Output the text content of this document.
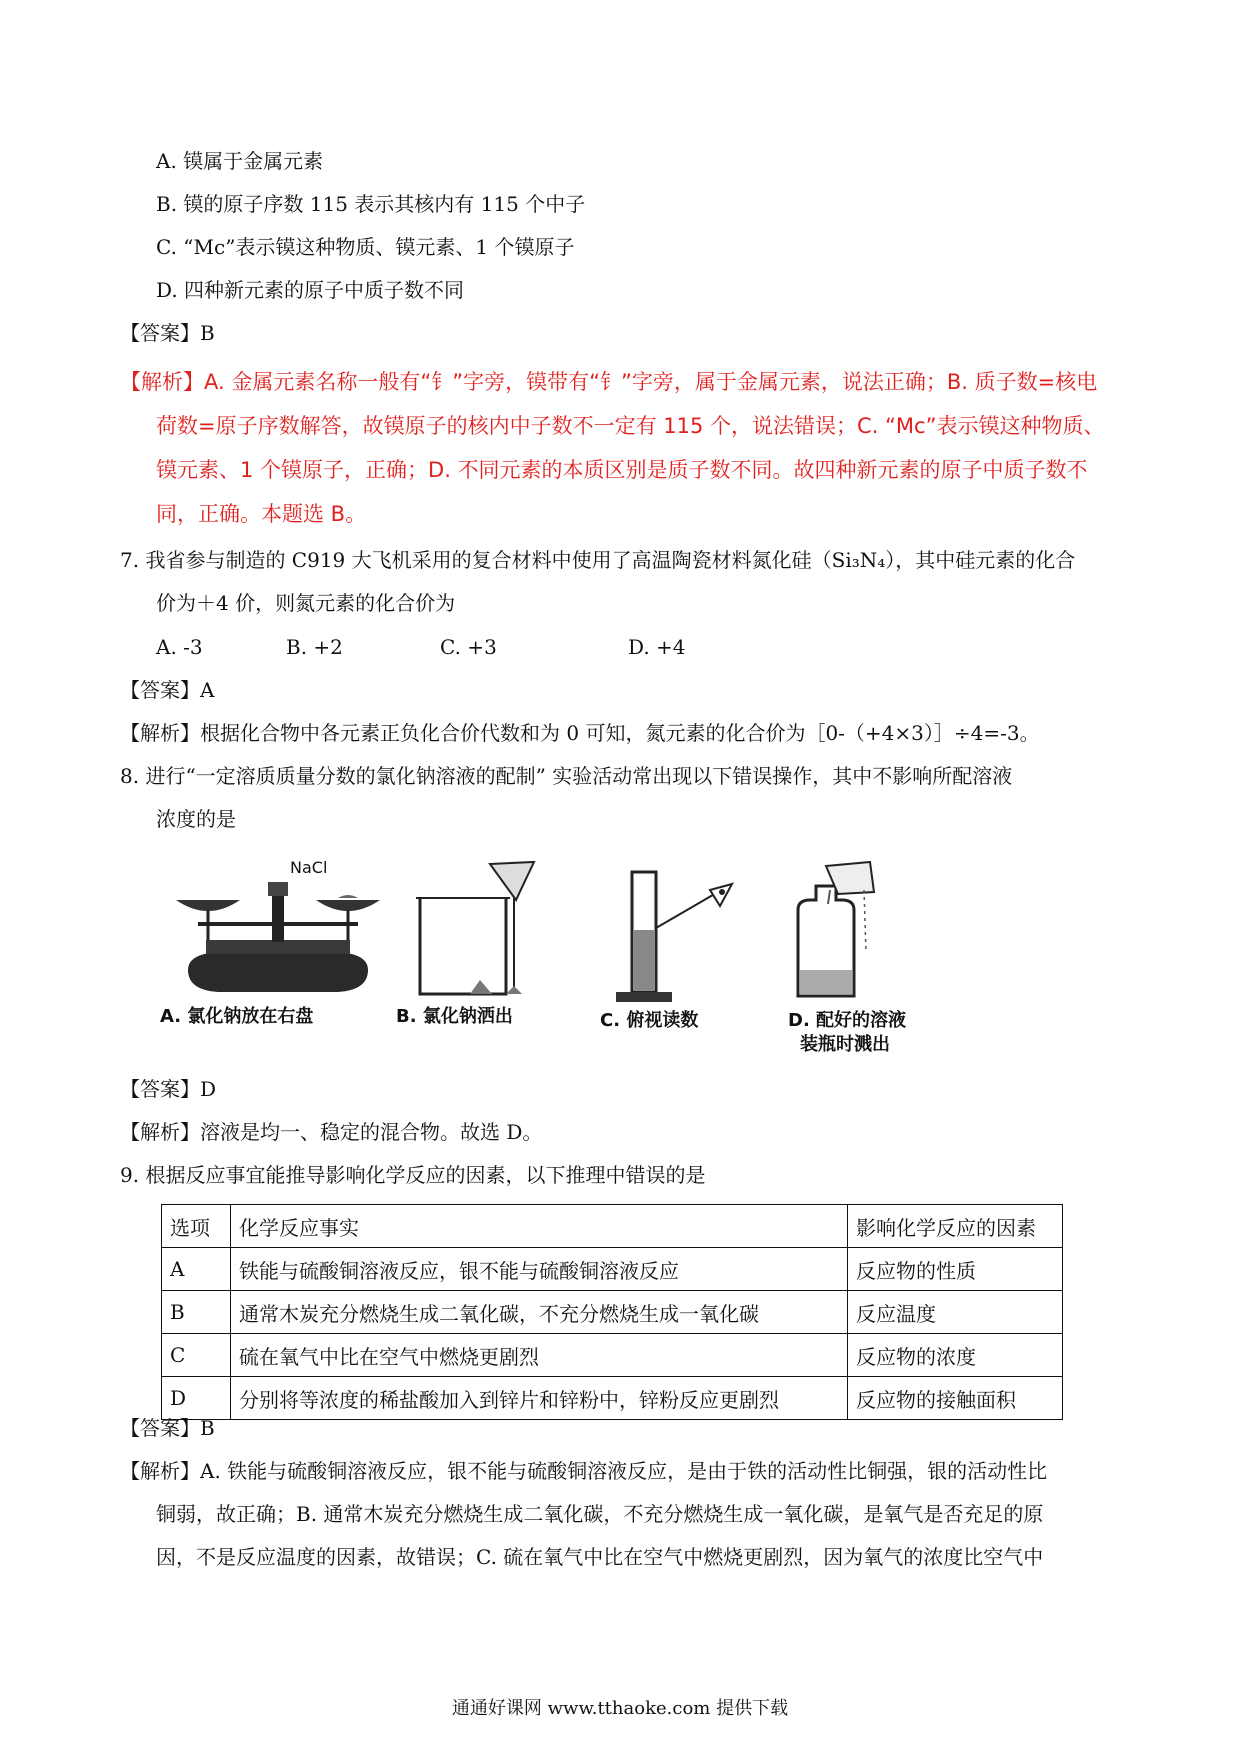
A. 镆属于金属元素
B. 镆的原子序数 115 表示其核内有 115 个中子
C. “Mc”表示镆这种物质、镆元素、1 个镆原子
D. 四种新元素的原子中质子数不同
【答案】B
【解析】A. 金属元素名称一般有“钅”字旁，镆带有“钅”字旁，属于金属元素，说法正确；B. 质子数=核电
荷数=原子序数解答，故镆原子的核内中子数不一定有 115 个，说法错误；C. “Mc”表示镆这种物质、
镆元素、1 个镆原子，正确；D. 不同元素的本质区别是质子数不同。故四种新元素的原子中质子数不
同，正确。本题选 B。
7. 我省参与制造的 C919 大飞机采用的复合材料中使用了高温陶瓷材料氮化硅（Si₃N₄），其中硅元素的化合
价为＋4 价，则氮元素的化合价为
A. -3	B. +2	C. +3	D. +4
【答案】A
【解析】根据化合物中各元素正负化合价代数和为 0 可知，氮元素的化合价为［0-（+4×3）］÷4=-3。
8. 进行“一定溶质质量分数的氯化钠溶液的配制” 实验活动常出现以下错误操作，其中不影响所配溶液
浓度的是
NaCl
A. 氯化钠放在右盘	B. 氯化钠洒出	C. 俯视读数	D. 配好的溶液
装瓶时溅出
【答案】D
【解析】溶液是均一、稳定的混合物。故选 D。
9. 根据反应事宜能推导影响化学反应的因素，以下推理中错误的是
选项	化学反应事实	影响化学反应的因素
A	铁能与硫酸铜溶液反应，银不能与硫酸铜溶液反应	反应物的性质
B	通常木炭充分燃烧生成二氧化碳，不充分燃烧生成一氧化碳	反应温度
C	硫在氧气中比在空气中燃烧更剧烈	反应物的浓度
D	分别将等浓度的稀盐酸加入到锌片和锌粉中，锌粉反应更剧烈	反应物的接触面积
【答案】B
【解析】A. 铁能与硫酸铜溶液反应，银不能与硫酸铜溶液反应，是由于铁的活动性比铜强，银的活动性比
铜弱，故正确；B. 通常木炭充分燃烧生成二氧化碳，不充分燃烧生成一氧化碳，是氧气是否充足的原
因，不是反应温度的因素，故错误；C. 硫在氧气中比在空气中燃烧更剧烈，因为氧气的浓度比空气中
通通好课网 www.tthaoke.com 提供下载
